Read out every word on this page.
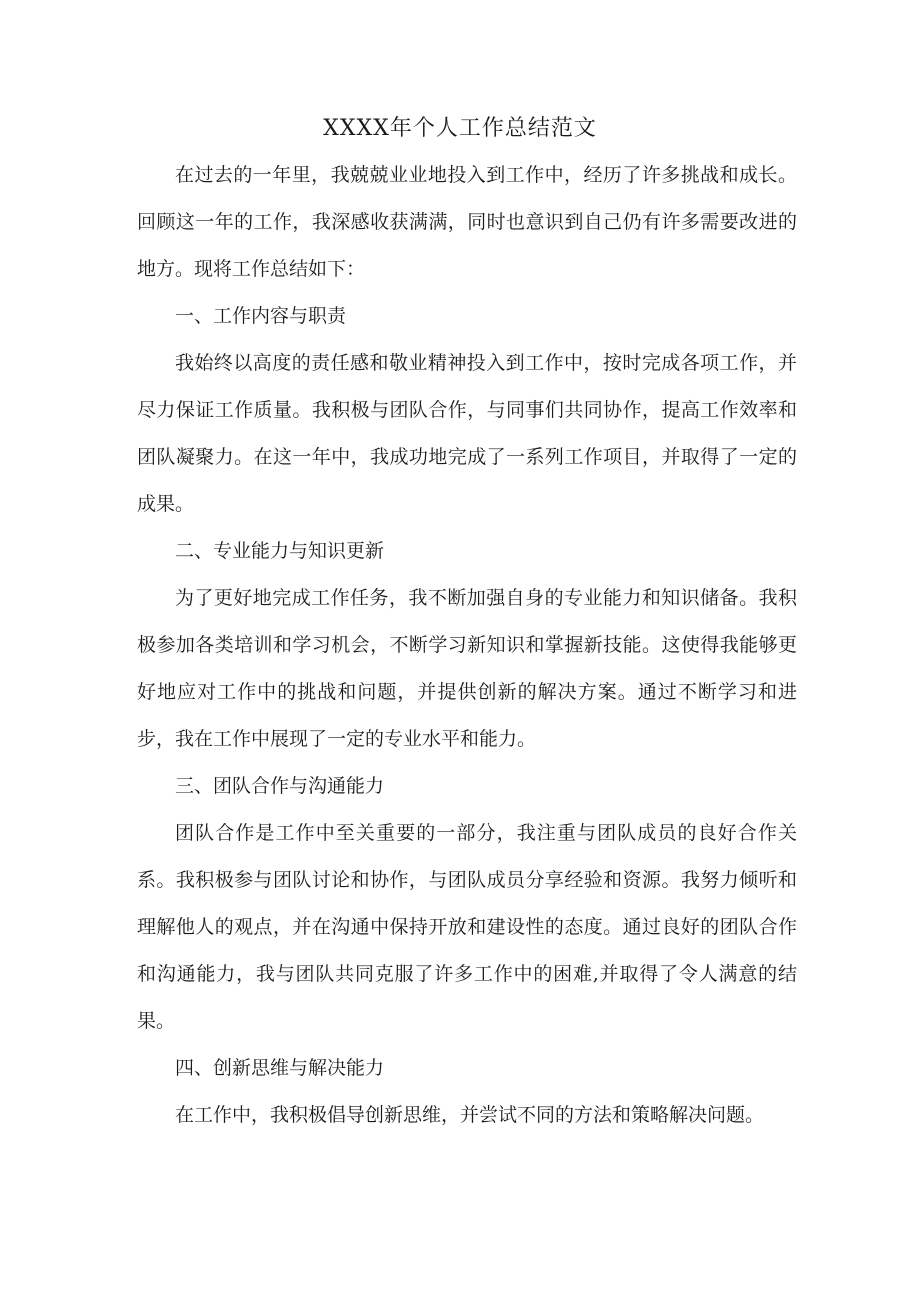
XXXX年个人工作总结范文

在过去的一年里，我兢兢业业地投入到工作中，经历了许多挑战和成长。回顾这一年的工作，我深感收获满满，同时也意识到自己仍有许多需要改进的地方。现将工作总结如下：

一、工作内容与职责

我始终以高度的责任感和敬业精神投入到工作中，按时完成各项工作，并尽力保证工作质量。我积极与团队合作，与同事们共同协作，提高工作效率和团队凝聚力。在这一年中，我成功地完成了一系列工作项目，并取得了一定的成果。

二、专业能力与知识更新

为了更好地完成工作任务，我不断加强自身的专业能力和知识储备。我积极参加各类培训和学习机会，不断学习新知识和掌握新技能。这使得我能够更好地应对工作中的挑战和问题，并提供创新的解决方案。通过不断学习和进步，我在工作中展现了一定的专业水平和能力。

三、团队合作与沟通能力

团队合作是工作中至关重要的一部分，我注重与团队成员的良好合作关系。我积极参与团队讨论和协作，与团队成员分享经验和资源。我努力倾听和理解他人的观点，并在沟通中保持开放和建设性的态度。通过良好的团队合作和沟通能力，我与团队共同克服了许多工作中的困难,并取得了令人满意的结果。

四、创新思维与解决能力

在工作中，我积极倡导创新思维，并尝试不同的方法和策略解决问题。
